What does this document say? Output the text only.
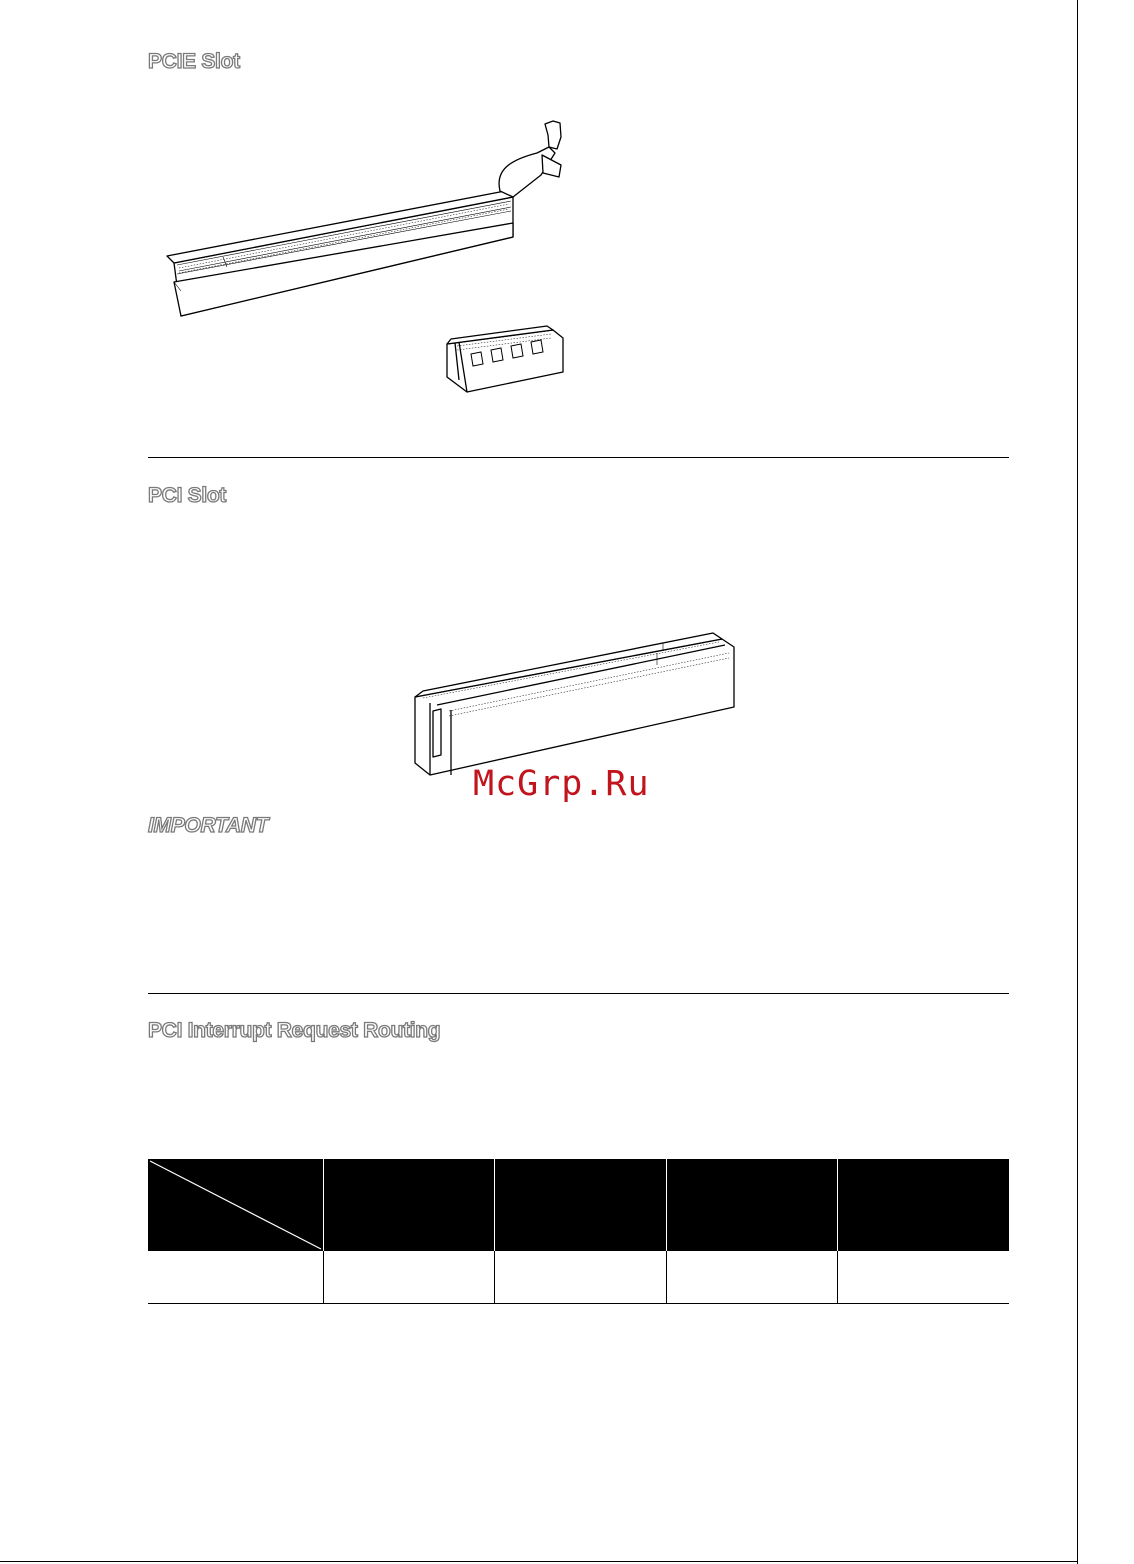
PCIE Slot
PCI Slot
McGrp.Ru
IMPORTANT
PCI Interrupt Request Routing
